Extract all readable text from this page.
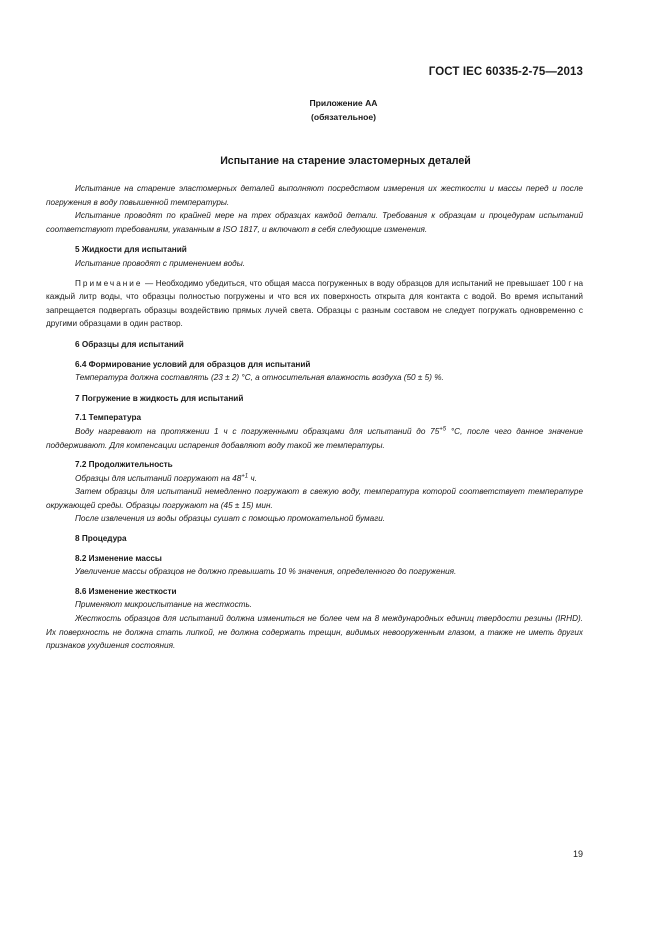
ГОСТ IEC 60335-2-75—2013
Приложение АА
(обязательное)
Испытание на старение эластомерных деталей

Испытание на старение эластомерных деталей выполняют посредством измерения их жесткости и массы перед и после погружения в воду повышенной температуры.

Испытание проводят по крайней мере на трех образцах каждой детали. Требования к образцам и процедурам испытаний соответствуют требованиям, указанным в ISO 1817, и включают в себя следующие изменения.

5 Жидкости для испытаний

Испытание проводят с применением воды.

Примечание — Необходимо убедиться, что общая масса погруженных в воду образцов для испытаний не превышает 100 г на каждый литр воды, что образцы полностью погружены и что вся их поверхность открыта для контакта с водой. Во время испытаний запрещается подвергать образцы воздействию прямых лучей света. Образцы с разным составом не следует погружать одновременно с другими образцами в один раствор.

6 Образцы для испытаний
6.4 Формирование условий для образцов для испытаний

Температура должна составлять (23 ± 2) °С, а относительная влажность воздуха (50 ± 5) %.

7 Погружение в жидкость для испытаний
7.1 Температура

Воду нагревают на протяжении 1 ч с погруженными образцами для испытаний до $75^{+5}$ °С, после чего данное значение поддерживают. Для компенсации испарения добавляют воду такой же температуры.

7.2 Продолжительность

Образцы для испытаний погружают на $48^{+1}$ ч.

Затем образцы для испытаний немедленно погружают в свежую воду, температура которой соответствует температуре окружающей среды. Образцы погружают на (45 ± 15) мин.

После извлечения из воды образцы сушат с помощью промокательной бумаги.

8 Процедура
8.2 Изменение массы

Увеличение массы образцов не должно превышать 10 % значения, определенного до погружения.

8.6 Изменение жесткости

Применяют микроиспытание на жесткость.

Жесткость образцов для испытаний должна измениться не более чем на 8 международных единиц твердости резины (IRHD). Их поверхность не должна стать липкой, не должна содержать трещин, видимых невооруженным глазом, а также не иметь других признаков ухудшения состояния.

19
